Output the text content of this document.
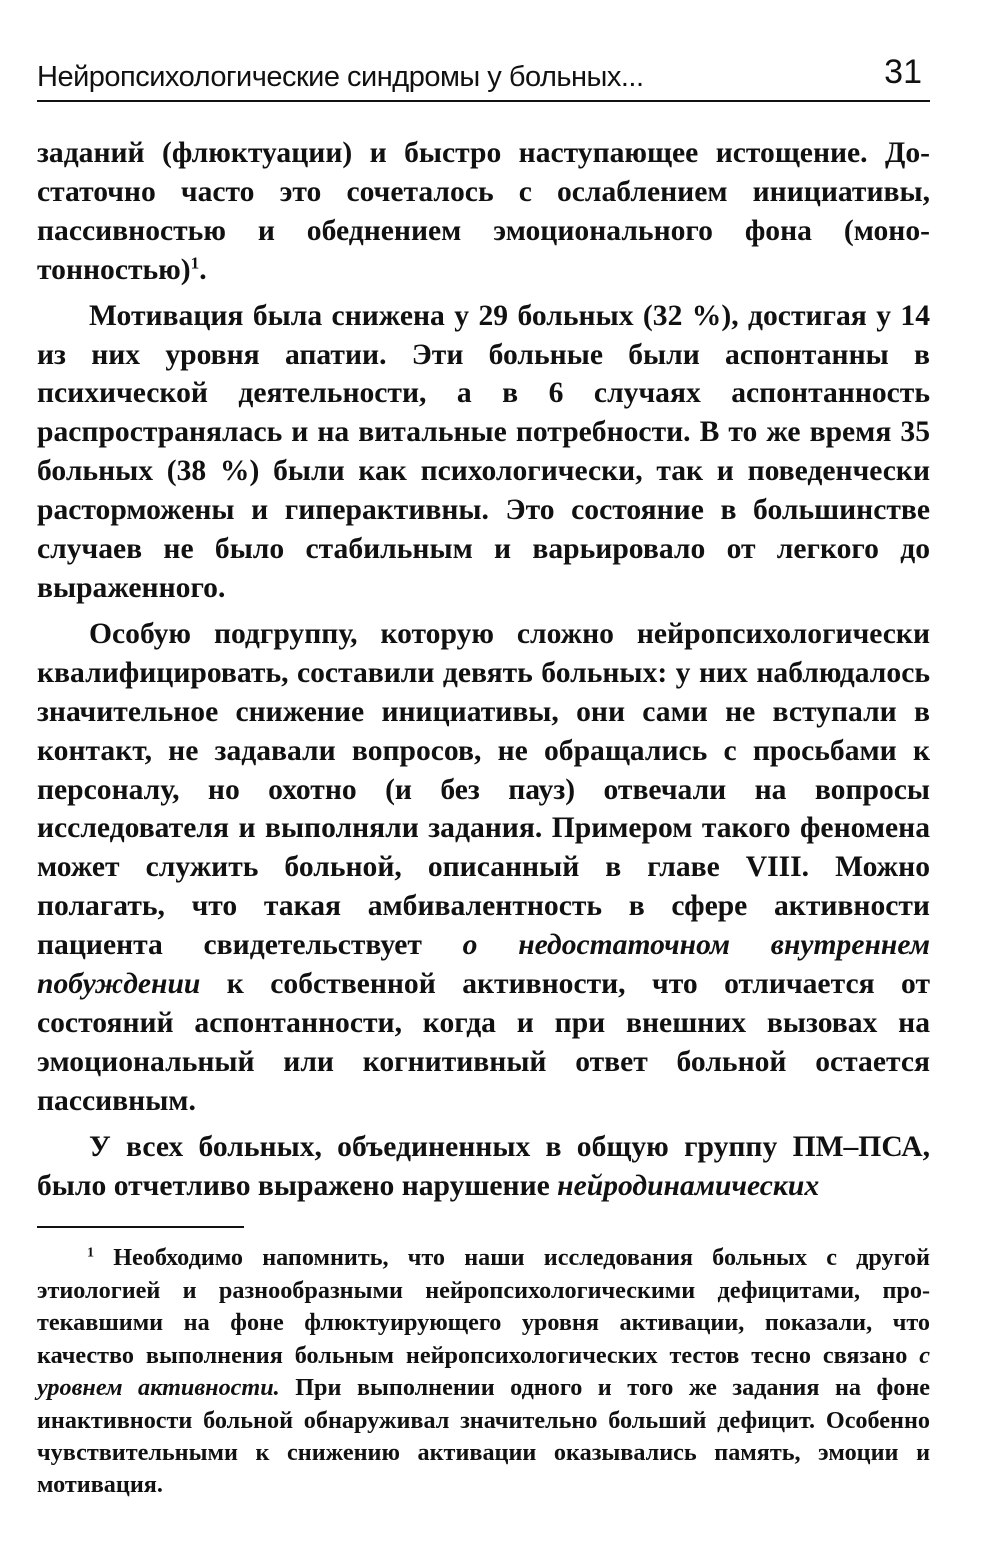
Нейропсихологические синдромы у больных...	31

заданий (флюктуации) и быстро наступающее истощение. Достаточно часто это сочеталось с ослаблением инициативы, пассивностью и обеднением эмоционального фона (монотонностью)$^1$.

Мотивация была снижена у 29 больных (32 %), достигая у 14 из них уровня апатии. Эти больные были аспонтанны в психической деятельности, а в 6 случаях аспонтанность распространялась и на витальные потребности. В то же время 35 больных (38 %) были как психологически, так и поведенчески расторможены и гиперактивны. Это состояние в большинстве случаев не было стабильным и варьировало от легкого до выраженного.

Особую подгруппу, которую сложно нейропсихологически квалифицировать, составили девять больных: у них наблюдалось значительное снижение инициативы, они сами не вступали в контакт, не задавали вопросов, не обращались с просьбами к персоналу, но охотно (и без пауз) отвечали на вопросы исследователя и выполняли задания. Примером такого феномена может служить больной, описанный в главе VIII. Можно полагать, что такая амбивалентность в сфере активности пациента свидетельствует о недостаточном внутреннем побуждении к собственной активности, что отличается от состояний аспонтанности, когда и при внешних вызовах на эмоциональный или когнитивный ответ больной остается пассивным.

У всех больных, объединенных в общую группу ПМ–ПСА, было отчетливо выражено нарушение нейродинамических

$^1$ Необходимо напомнить, что наши исследования больных с другой этиологией и разнообразными нейропсихологическими дефицитами, протекавшими на фоне флюктуирующего уровня активации, показали, что качество выполнения больным нейропсихологических тестов тесно связано с уровнем активности. При выполнении одного и того же задания на фоне инактивности больной обнаруживал значительно больший дефицит. Особенно чувствительными к снижению активации оказывались память, эмоции и мотивация.
